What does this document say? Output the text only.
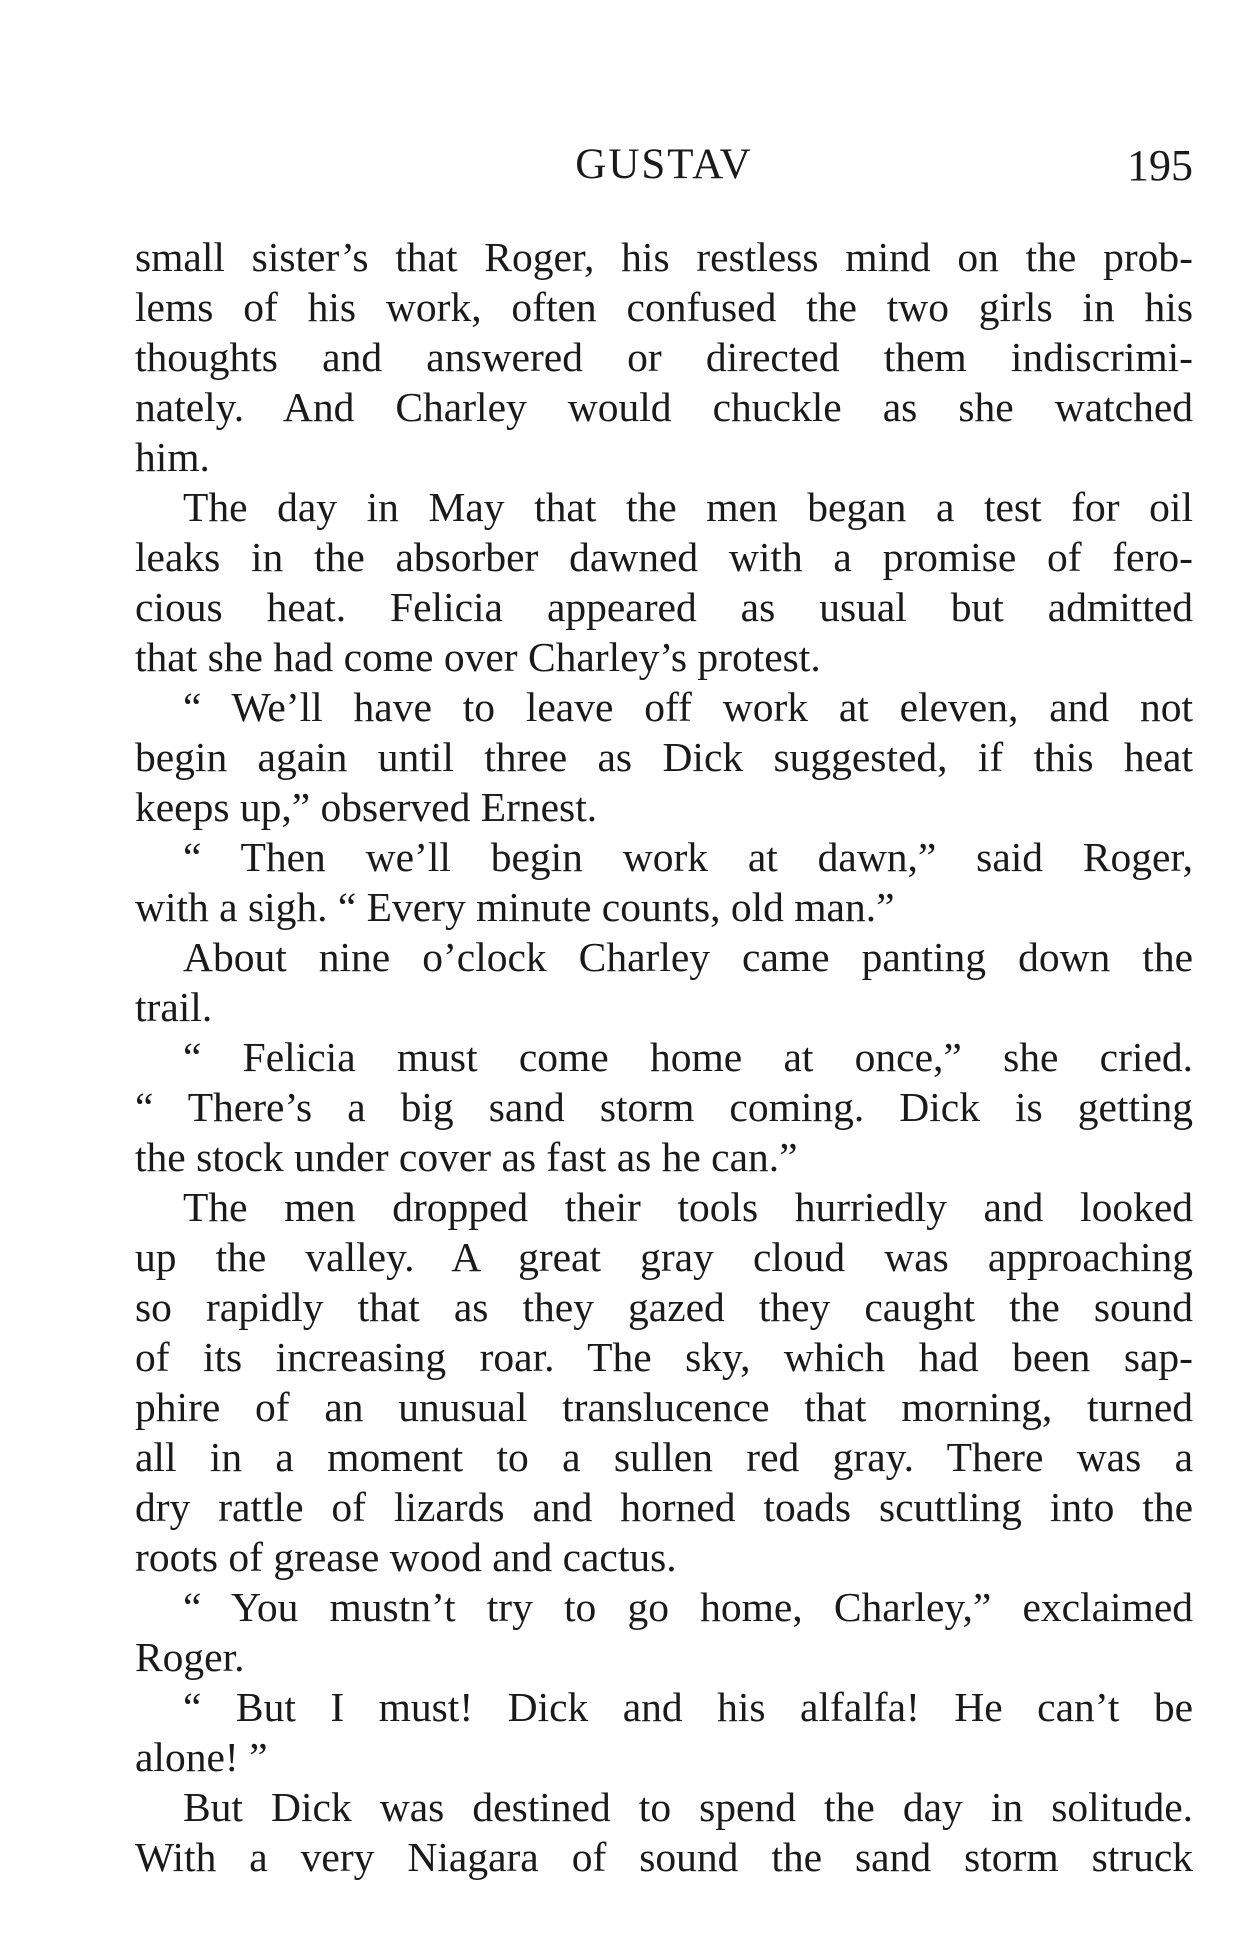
GUSTAV	195
small sister’s that Roger, his restless mind on the prob-
lems of his work, often confused the two girls in his
thoughts and answered or directed them indiscrimi-
nately. And Charley would chuckle as she watched
him.
The day in May that the men began a test for oil
leaks in the absorber dawned with a promise of fero-
cious heat. Felicia appeared as usual but admitted
that she had come over Charley’s protest.
“ We’ll have to leave off work at eleven, and not
begin again until three as Dick suggested, if this heat
keeps up,” observed Ernest.
“ Then we’ll begin work at dawn,” said Roger,
with a sigh. “ Every minute counts, old man.”
About nine o’clock Charley came panting down the
trail.
“ Felicia must come home at once,” she cried.
“ There’s a big sand storm coming. Dick is getting
the stock under cover as fast as he can.”
The men dropped their tools hurriedly and looked
up the valley. A great gray cloud was approaching
so rapidly that as they gazed they caught the sound
of its increasing roar. The sky, which had been sap-
phire of an unusual translucence that morning, turned
all in a moment to a sullen red gray. There was a
dry rattle of lizards and horned toads scuttling into the
roots of grease wood and cactus.
“ You mustn’t try to go home, Charley,” exclaimed
Roger.
“ But I must! Dick and his alfalfa! He can’t be
alone! ”
But Dick was destined to spend the day in solitude.
With a very Niagara of sound the sand storm struck
